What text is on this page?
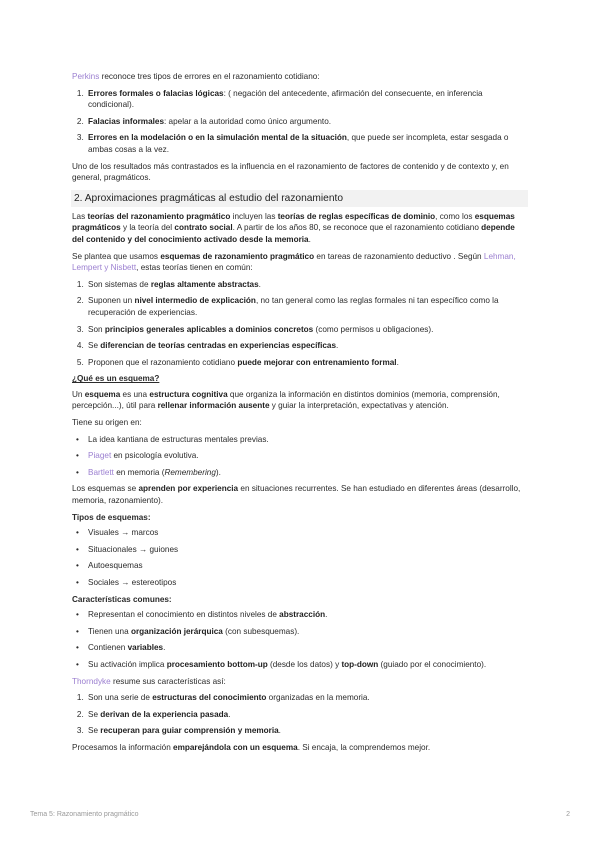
Perkins reconoce tres tipos de errores en el razonamiento cotidiano:

1. Errores formales o falacias lógicas: ( negación del antecedente, afirmación del consecuente, en inferencia condicional).
2. Falacias informales: apelar a la autoridad como único argumento.
3. Errores en la modelación o en la simulación mental de la situación, que puede ser incompleta, estar sesgada o ambas cosas a la vez.

Uno de los resultados más contrastados es la influencia en el razonamiento de factores de contenido y de contexto y, en general, pragmáticos.

2. Aproximaciones pragmáticas al estudio del razonamiento

Las teorías del razonamiento pragmático incluyen las teorías de reglas específicas de dominio, como los esquemas pragmáticos y la teoría del contrato social. A partir de los años 80, se reconoce que el razonamiento cotidiano depende del contenido y del conocimiento activado desde la memoria.

Se plantea que usamos esquemas de razonamiento pragmático en tareas de razonamiento deductivo . Según Lehman, Lempert y Nisbett, estas teorías tienen en común:

1. Son sistemas de reglas altamente abstractas.
2. Suponen un nivel intermedio de explicación, no tan general como las reglas formales ni tan específico como la recuperación de experiencias.
3. Son principios generales aplicables a dominios concretos (como permisos u obligaciones).
4. Se diferencian de teorías centradas en experiencias específicas.
5. Proponen que el razonamiento cotidiano puede mejorar con entrenamiento formal.
¿Qué es un esquema?

Un esquema es una estructura cognitiva que organiza la información en distintos dominios (memoria, comprensión, percepción...), útil para rellenar información ausente y guiar la interpretación, expectativas y atención.

Tiene su origen en:

• La idea kantiana de estructuras mentales previas.
• Piaget en psicología evolutiva.
• Bartlett en memoria (Remembering).

Los esquemas se aprenden por experiencia en situaciones recurrentes. Se han estudiado en diferentes áreas (desarrollo, memoria, razonamiento).

Tipos de esquemas:
• Visuales → marcos
• Situacionales → guiones
• Autoesquemas
• Sociales → estereotipos
Características comunes:
• Representan el conocimiento en distintos niveles de abstracción.
• Tienen una organización jerárquica (con subesquemas).
• Contienen variables.
• Su activación implica procesamiento bottom-up (desde los datos) y top-down (guiado por el conocimiento).

Thorndyke resume sus características así:

1. Son una serie de estructuras del conocimiento organizadas en la memoria.
2. Se derivan de la experiencia pasada.
3. Se recuperan para guiar comprensión y memoria.

Procesamos la información emparejándola con un esquema. Si encaja, la comprendemos mejor.

Tema 5: Razonamiento pragmático	2
